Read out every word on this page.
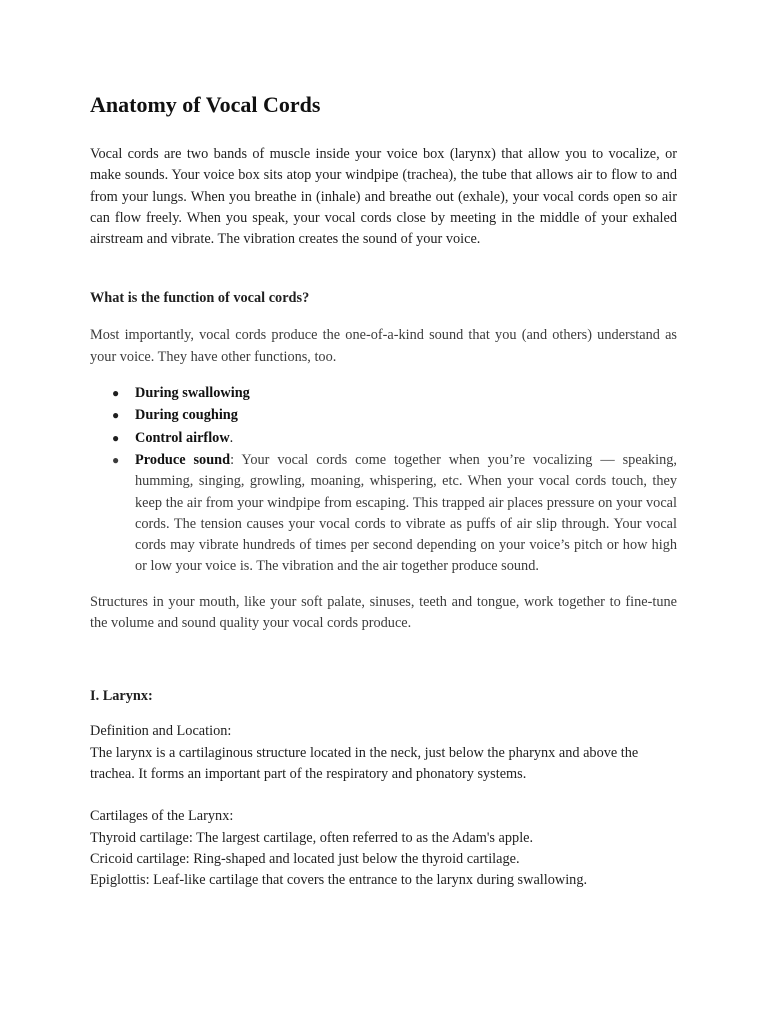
Anatomy of Vocal Cords

Vocal cords are two bands of muscle inside your voice box (larynx) that allow you to vocalize, or make sounds. Your voice box sits atop your windpipe (trachea), the tube that allows air to flow to and from your lungs. When you breathe in (inhale) and breathe out (exhale), your vocal cords open so air can flow freely. When you speak, your vocal cords close by meeting in the middle of your exhaled airstream and vibrate. The vibration creates the sound of your voice.

What is the function of vocal cords?

Most importantly, vocal cords produce the one-of-a-kind sound that you (and others) understand as your voice. They have other functions, too.

● During swallowing
● During coughing
● Control airflow.
● Produce sound: Your vocal cords come together when you’re vocalizing — speaking, humming, singing, growling, moaning, whispering, etc. When your vocal cords touch, they keep the air from your windpipe from escaping. This trapped air places pressure on your vocal cords. The tension causes your vocal cords to vibrate as puffs of air slip through. Your vocal cords may vibrate hundreds of times per second depending on your voice’s pitch or how high or low your voice is. The vibration and the air together produce sound.

Structures in your mouth, like your soft palate, sinuses, teeth and tongue, work together to fine-tune the volume and sound quality your vocal cords produce.

I. Larynx:

Definition and Location:

The larynx is a cartilaginous structure located in the neck, just below the pharynx and above the trachea. It forms an important part of the respiratory and phonatory systems.

Cartilages of the Larynx:

Thyroid cartilage: The largest cartilage, often referred to as the Adam's apple.

Cricoid cartilage: Ring-shaped and located just below the thyroid cartilage.

Epiglottis: Leaf-like cartilage that covers the entrance to the larynx during swallowing.
